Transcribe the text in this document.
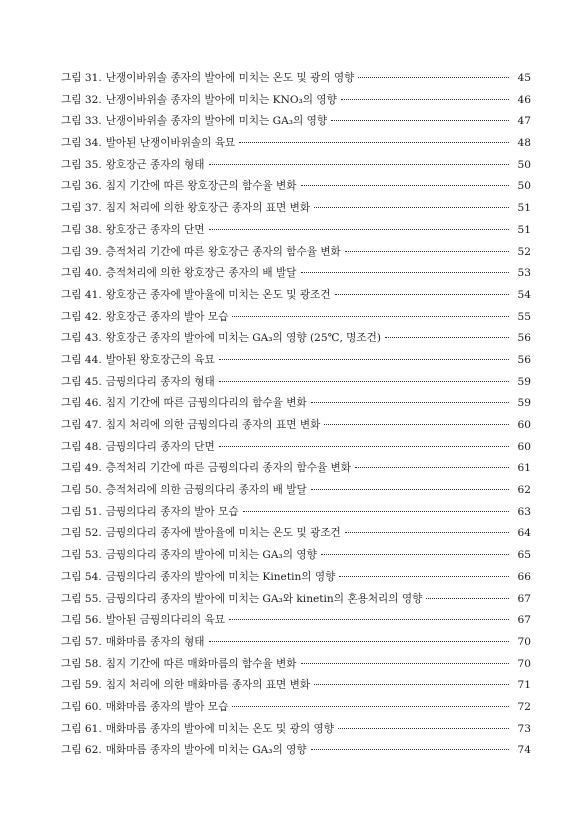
그림 31. 난쟁이바위솔 종자의 발아에 미치는 온도 및 광의 영향	45
그림 32. 난쟁이바위솔 종자의 발아에 미치는 KNO₃의 영향	46
그림 33. 난쟁이바위솔 종자의 발아에 미치는 GA₃의 영향	47
그림 34. 발아된 난쟁이바위솔의 육묘	48
그림 35. 왕호장근 종자의 형태	50
그림 36. 침지 기간에 따른 왕호장근의 함수율 변화	50
그림 37. 침지 처리에 의한 왕호장근 종자의 표면 변화	51
그림 38. 왕호장근 종자의 단면	51
그림 39. 층적처리 기간에 따른 왕호장근 종자의 함수율 변화	52
그림 40. 층적처리에 의한 왕호장근 종자의 배 발달	53
그림 41. 왕호장근 종자에 발아율에 미치는 온도 및 광조건	54
그림 42. 왕호장근 종자의 발아 모습	55
그림 43. 왕호장근 종자의 발아에 미치는 GA₃의 영향 (25℃, 명조건)	56
그림 44. 발아된 왕호장근의 육묘	56
그림 45. 금꿩의다리 종자의 형태	59
그림 46. 침지 기간에 따른 금꿩의다리의 함수율 변화	59
그림 47. 침지 처리에 의한 금꿩의다리 종자의 표면 변화	60
그림 48. 금꿩의다리 종자의 단면	60
그림 49. 층적처리 기간에 따른 금꿩의다리 종자의 함수율 변화	61
그림 50. 층적처리에 의한 금꿩의다리 종자의 배 발달	62
그림 51. 금꿩의다리 종자의 발아 모습	63
그림 52. 금꿩의다리 종자에 발아율에 미치는 온도 및 광조건	64
그림 53. 금꿩의다리 종자의 발아에 미치는 GA₃의 영향	65
그림 54. 금꿩의다리 종자의 발아에 미치는 Kinetin의 영향	66
그림 55. 금꿩의다리 종자의 발아에 미치는 GA₃와 kinetin의 혼용처리의 영향	67
그림 56. 발아된 금꿩의다리의 육묘	67
그림 57. 매화마름 종자의 형태	70
그림 58. 침지 기간에 따른 매화마름의 함수율 변화	70
그림 59. 침지 처리에 의한 매화마름 종자의 표면 변화	71
그림 60. 매화마름 종자의 발아 모습	72
그림 61. 매화마름 종자의 발아에 미치는 온도 및 광의 영향	73
그림 62. 매화마름 종자의 발아에 미치는 GA₃의 영향	74
